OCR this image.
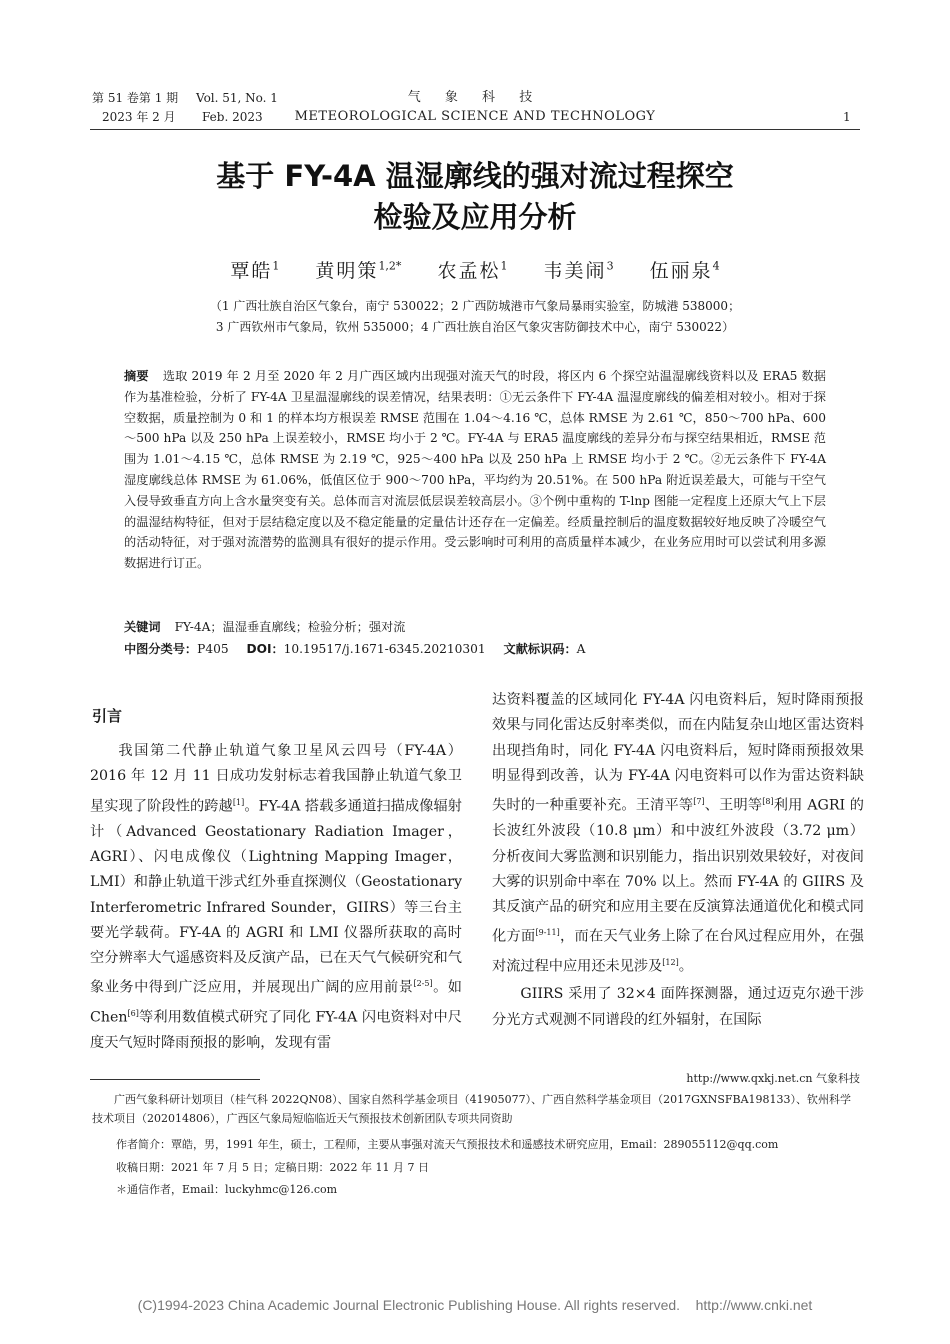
第 51 卷第 1 期 Vol. 51, No. 1
2023 年 2 月 Feb. 2023
气 象 科 技
METEOROLOGICAL SCIENCE AND TECHNOLOGY	1
基于 FY-4A 温湿廓线的强对流过程探空
检验及应用分析
覃皓$^1$ 黄明策$^{1,2*}$ 农孟松$^1$ 韦美闹$^3$ 伍丽泉$^4$
（1 广西壮族自治区气象台，南宁 530022；2 广西防城港市气象局暴雨实验室，防城港 538000；
3 广西钦州市气象局，钦州 535000；4 广西壮族自治区气象灾害防御技术中心，南宁 530022）
摘要 选取 2019 年 2 月至 2020 年 2 月广西区域内出现强对流天气的时段，将区内 6 个探空站温湿廓线资料以及 ERA5 数据作为基准检验，分析了 FY-4A 卫星温湿廓线的误差情况，结果表明：①无云条件下 FY-4A 温湿度廓线的偏差相对较小。相对于探空数据，质量控制为 0 和 1 的样本均方根误差 RMSE 范围在 1.04～4.16 ℃，总体 RMSE 为 2.61 ℃，850～700 hPa、600～500 hPa 以及 250 hPa 上误差较小，RMSE 均小于 2 ℃。FY-4A 与 ERA5 温度廓线的差异分布与探空结果相近，RMSE 范围为 1.01～4.15 ℃，总体 RMSE 为 2.19 ℃，925～400 hPa 以及 250 hPa 上 RMSE 均小于 2 ℃。②无云条件下 FY-4A 湿度廓线总体 RMSE 为 61.06%，低值区位于 900～700 hPa，平均约为 20.51%。在 500 hPa 附近误差最大，可能与干空气入侵导致垂直方向上含水量突变有关。总体而言对流层低层误差较高层小。③个例中重构的 T-lnp 图能一定程度上还原大气上下层的温湿结构特征，但对于层结稳定度以及不稳定能量的定量估计还存在一定偏差。经质量控制后的温度数据较好地反映了冷暖空气的活动特征，对于强对流潜势的监测具有很好的提示作用。受云影响时可利用的高质量样本减少，在业务应用时可以尝试利用多源数据进行订正。
关键词 FY-4A；温湿垂直廓线；检验分析；强对流
中图分类号：P405 DOI：10.19517/j.1671-6345.20210301 文献标识码：A
引言

我国第二代静止轨道气象卫星风云四号（FY-4A）2016 年 12 月 11 日成功发射标志着我国静止轨道气象卫星实现了阶段性的跨越[1]。FY-4A 搭载多通道扫描成像辐射计（Advanced Geostationary Radiation Imager，AGRI）、闪电成像仪（Lightning Mapping Imager，LMI）和静止轨道干涉式红外垂直探测仪（Geostationary Interferometric Infrared Sounder，GIIRS）等三台主要光学载荷。FY-4A 的 AGRI 和 LMI 仪器所获取的高时空分辨率大气遥感资料及反演产品，已在天气气候研究和气象业务中得到广泛应用，并展现出广阔的应用前景[2-5]。如 Chen[6]等利用数值模式研究了同化 FY-4A 闪电资料对中尺度天气短时降雨预报的影响，发现有雷

达资料覆盖的区域同化 FY-4A 闪电资料后，短时降雨预报效果与同化雷达反射率类似，而在内陆复杂山地区雷达资料出现挡角时，同化 FY-4A 闪电资料后，短时降雨预报效果明显得到改善，认为 FY-4A 闪电资料可以作为雷达资料缺失时的一种重要补充。王清平等[7]、王明等[8]利用 AGRI 的长波红外波段（10.8 μm）和中波红外波段（3.72 μm）分析夜间大雾监测和识别能力，指出识别效果较好，对夜间大雾的识别命中率在 70% 以上。然而 FY-4A 的 GIIRS 及其反演产品的研究和应用主要在反演算法通道优化和模式同化方面[9-11]，而在天气业务上除了在台风过程应用外，在强对流过程中应用还未见涉及[12]。

GIIRS 采用了 32×4 面阵探测器，通过迈克尔逊干涉分光方式观测不同谱段的红外辐射，在国际

http://www.qxkj.net.cn 气象科技
广西气象科研计划项目（桂气科 2022QN08）、国家自然科学基金项目（41905077）、广西自然科学基金项目（2017GXNSFBA198133）、钦州科学技术项目（202014806），广西区气象局短临临近天气预报技术创新团队专项共同资助
作者简介：覃皓，男，1991 年生，硕士，工程师，主要从事强对流天气预报技术和遥感技术研究应用，Email：289055112@qq.com
收稿日期：2021 年 7 月 5 日；定稿日期：2022 年 11 月 7 日
＊通信作者，Email：luckyhmc@126.com
(C)1994-2023 China Academic Journal Electronic Publishing House. All rights reserved.    http://www.cnki.net
